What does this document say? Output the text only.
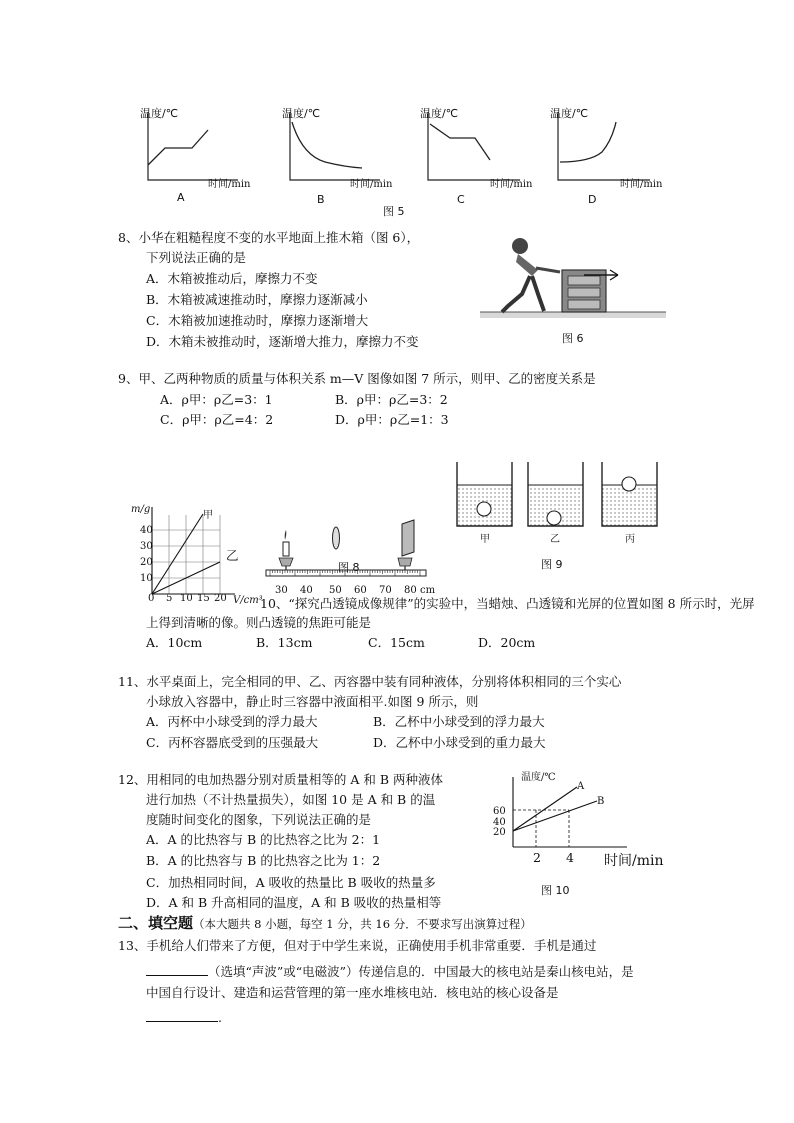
温度/℃	温度/℃	温度/℃	温度/℃
时间/min	时间/min	时间/min	时间/min
A	B	C	D
图 5
8、小华在粗糙程度不变的水平地面上推木箱（图 6），
下列说法正确的是
A．木箱被推动后，摩擦力不变
B．木箱被减速推动时，摩擦力逐渐减小
C．木箱被加速推动时，摩擦力逐渐增大
D．木箱未被推动时，逐渐增大推力，摩擦力不变	图 6
9、甲、乙两种物质的质量与体积关系 m—V 图像如图 7 所示，则甲、乙的密度关系是
A．ρ甲：ρ乙=3：1	B．ρ甲：ρ乙=3：2
C．ρ甲：ρ乙=4：2	D．ρ甲：ρ乙=1：3
m/g
40
30
20
10
0 5 10 15 20 V/cm³
甲
乙
30 40 50 60 70 80 cm
图 8
甲	乙	丙
图 9
10、“探究凸透镜成像规律”的实验中，当蜡烛、凸透镜和光屏的位置如图 8 所示时，光屏
上得到清晰的像。则凸透镜的焦距可能是
A．10cm	B．13cm	C．15cm	D．20cm
11、水平桌面上，完全相同的甲、乙、丙容器中装有同种液体，分别将体积相同的三个实心
小球放入容器中，静止时三容器中液面相平.如图 9 所示，则
A．丙杯中小球受到的浮力最大	B．乙杯中小球受到的浮力最大
C．丙杯容器底受到的压强最大	D．乙杯中小球受到的重力最大
12、用相同的电加热器分别对质量相等的 A 和 B 两种液体
进行加热（不计热量损失），如图 10 是 A 和 B 的温
度随时间变化的图象，下列说法正确的是
A．A 的比热容与 B 的比热容之比为 2：1
B．A 的比热容与 B 的比热容之比为 1：2
C．加热相同时间，A 吸收的热量比 B 吸收的热量多
D．A 和 B 升高相同的温度，A 和 B 吸收的热量相等
温度/℃
60
40
20
2 4 时间/min
A
B
图 10
二、填空题（本大题共 8 小题，每空 1 分，共 16 分．不要求写出演算过程）
13、手机给人们带来了方便，但对于中学生来说，正确使用手机非常重要．手机是通过
（选填“声波”或“电磁波”）传递信息的．中国最大的核电站是秦山核电站，是
中国自行设计、建造和运营管理的第一座水堆核电站．核电站的核心设备是
.
